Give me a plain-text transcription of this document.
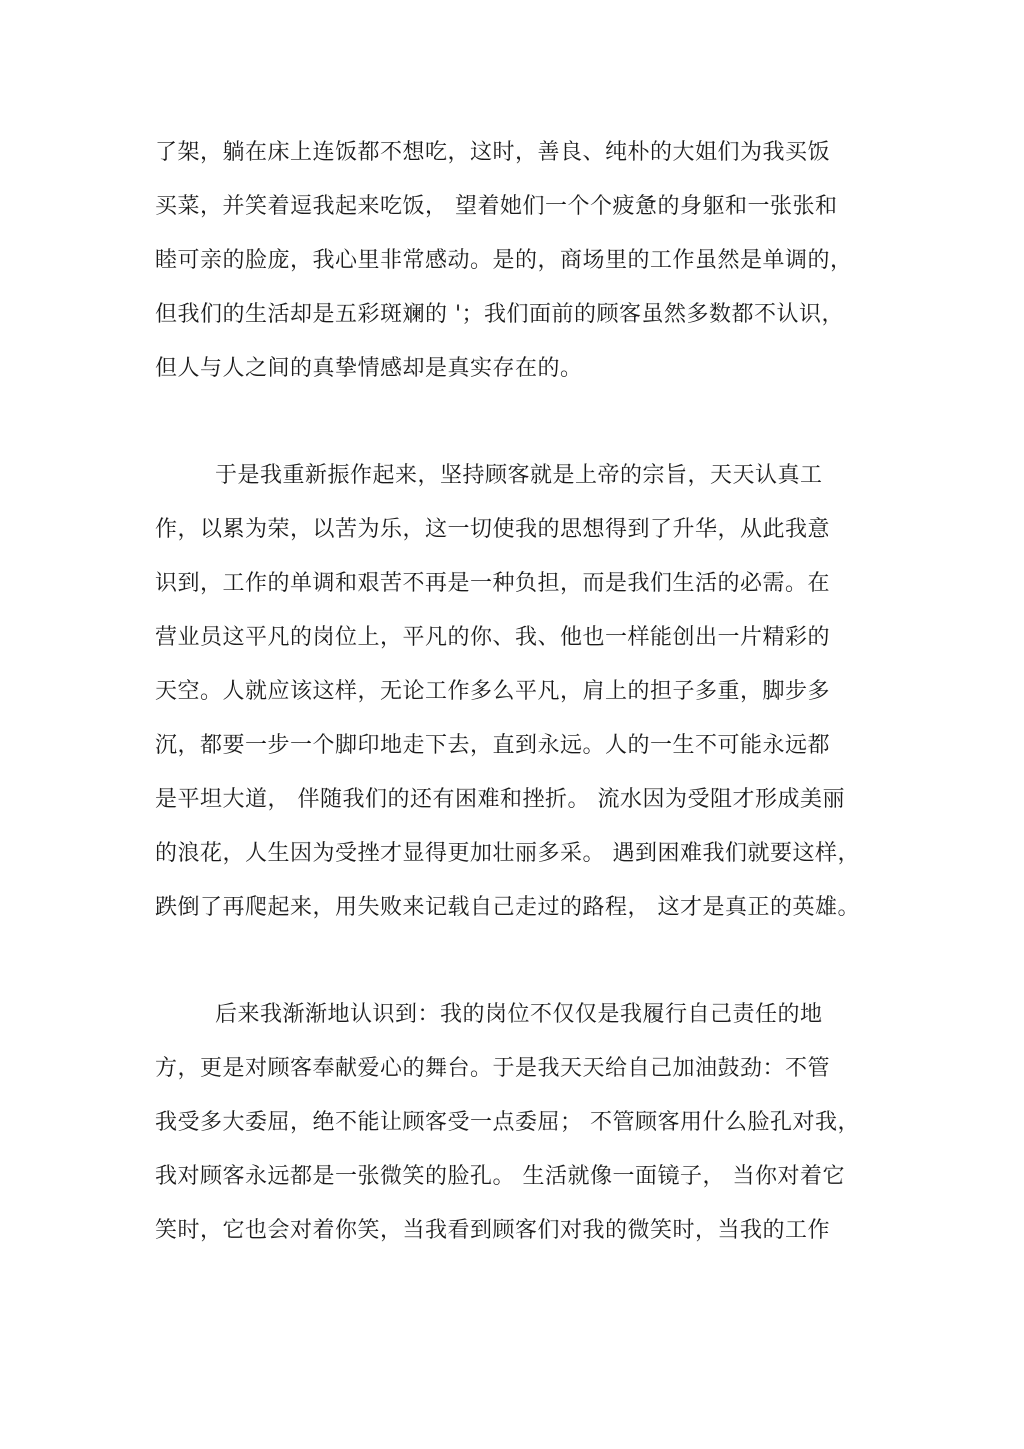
了架，躺在床上连饭都不想吃，这时，善良、纯朴的大姐们为我买饭
买菜，并笑着逗我起来吃饭， 望着她们一个个疲惫的身躯和一张张和
睦可亲的脸庞，我心里非常感动。是的，商场里的工作虽然是单调的，
但我们的生活却是五彩斑斓的 '；我们面前的顾客虽然多数都不认识，
但人与人之间的真挚情感却是真实存在的。
于是我重新振作起来，坚持顾客就是上帝的宗旨，天天认真工
作，以累为荣，以苦为乐，这一切使我的思想得到了升华，从此我意
识到，工作的单调和艰苦不再是一种负担，而是我们生活的必需。在
营业员这平凡的岗位上，平凡的你、我、他也一样能创出一片精彩的
天空。人就应该这样，无论工作多么平凡，肩上的担子多重，脚步多
沉，都要一步一个脚印地走下去，直到永远。人的一生不可能永远都
是平坦大道， 伴随我们的还有困难和挫折。 流水因为受阻才形成美丽
的浪花，人生因为受挫才显得更加壮丽多采。 遇到困难我们就要这样，
跌倒了再爬起来，用失败来记载自己走过的路程， 这才是真正的英雄。
后来我渐渐地认识到：我的岗位不仅仅是我履行自己责任的地
方，更是对顾客奉献爱心的舞台。于是我天天给自己加油鼓劲：不管
我受多大委屈，绝不能让顾客受一点委屈； 不管顾客用什么脸孔对我，
我对顾客永远都是一张微笑的脸孔。 生活就像一面镜子， 当你对着它
笑时，它也会对着你笑，当我看到顾客们对我的微笑时，当我的工作
